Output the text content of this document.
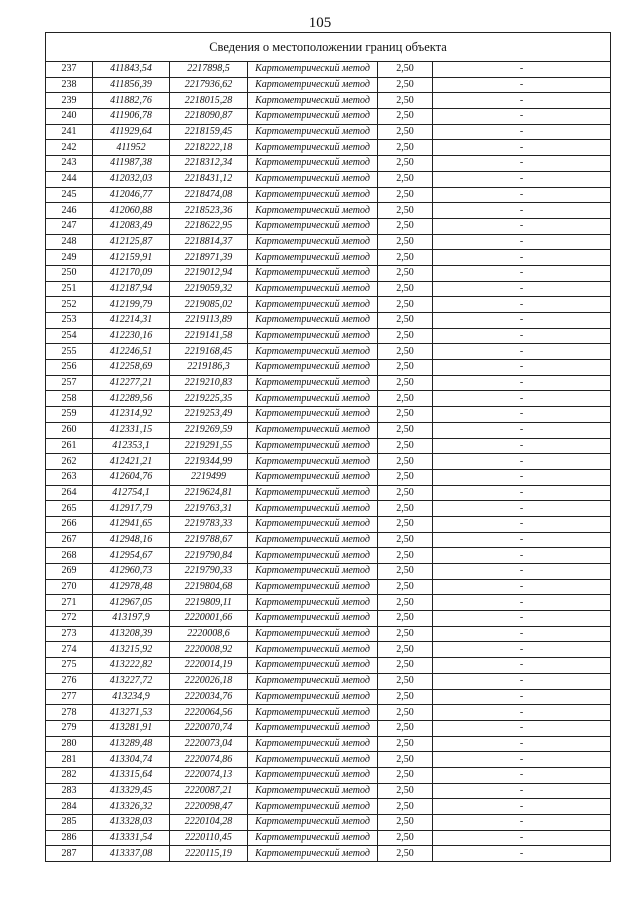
105
Сведения о местоположении границ объекта					
237	411843,54	2217898,5	Картометрический метод	2,50	-
238	411856,39	2217936,62	Картометрический метод	2,50	-
239	411882,76	2218015,28	Картометрический метод	2,50	-
240	411906,78	2218090,87	Картометрический метод	2,50	-
241	411929,64	2218159,45	Картометрический метод	2,50	-
242	411952	2218222,18	Картометрический метод	2,50	-
243	411987,38	2218312,34	Картометрический метод	2,50	-
244	412032,03	2218431,12	Картометрический метод	2,50	-
245	412046,77	2218474,08	Картометрический метод	2,50	-
246	412060,88	2218523,36	Картометрический метод	2,50	-
247	412083,49	2218622,95	Картометрический метод	2,50	-
248	412125,87	2218814,37	Картометрический метод	2,50	-
249	412159,91	2218971,39	Картометрический метод	2,50	-
250	412170,09	2219012,94	Картометрический метод	2,50	-
251	412187,94	2219059,32	Картометрический метод	2,50	-
252	412199,79	2219085,02	Картометрический метод	2,50	-
253	412214,31	2219113,89	Картометрический метод	2,50	-
254	412230,16	2219141,58	Картометрический метод	2,50	-
255	412246,51	2219168,45	Картометрический метод	2,50	-
256	412258,69	2219186,3	Картометрический метод	2,50	-
257	412277,21	2219210,83	Картометрический метод	2,50	-
258	412289,56	2219225,35	Картометрический метод	2,50	-
259	412314,92	2219253,49	Картометрический метод	2,50	-
260	412331,15	2219269,59	Картометрический метод	2,50	-
261	412353,1	2219291,55	Картометрический метод	2,50	-
262	412421,21	2219344,99	Картометрический метод	2,50	-
263	412604,76	2219499	Картометрический метод	2,50	-
264	412754,1	2219624,81	Картометрический метод	2,50	-
265	412917,79	2219763,31	Картометрический метод	2,50	-
266	412941,65	2219783,33	Картометрический метод	2,50	-
267	412948,16	2219788,67	Картометрический метод	2,50	-
268	412954,67	2219790,84	Картометрический метод	2,50	-
269	412960,73	2219790,33	Картометрический метод	2,50	-
270	412978,48	2219804,68	Картометрический метод	2,50	-
271	412967,05	2219809,11	Картометрический метод	2,50	-
272	413197,9	2220001,66	Картометрический метод	2,50	-
273	413208,39	2220008,6	Картометрический метод	2,50	-
274	413215,92	2220008,92	Картометрический метод	2,50	-
275	413222,82	2220014,19	Картометрический метод	2,50	-
276	413227,72	2220026,18	Картометрический метод	2,50	-
277	413234,9	2220034,76	Картометрический метод	2,50	-
278	413271,53	2220064,56	Картометрический метод	2,50	-
279	413281,91	2220070,74	Картометрический метод	2,50	-
280	413289,48	2220073,04	Картометрический метод	2,50	-
281	413304,74	2220074,86	Картометрический метод	2,50	-
282	413315,64	2220074,13	Картометрический метод	2,50	-
283	413329,45	2220087,21	Картометрический метод	2,50	-
284	413326,32	2220098,47	Картометрический метод	2,50	-
285	413328,03	2220104,28	Картометрический метод	2,50	-
286	413331,54	2220110,45	Картометрический метод	2,50	-
287	413337,08	2220115,19	Картометрический метод	2,50	-
